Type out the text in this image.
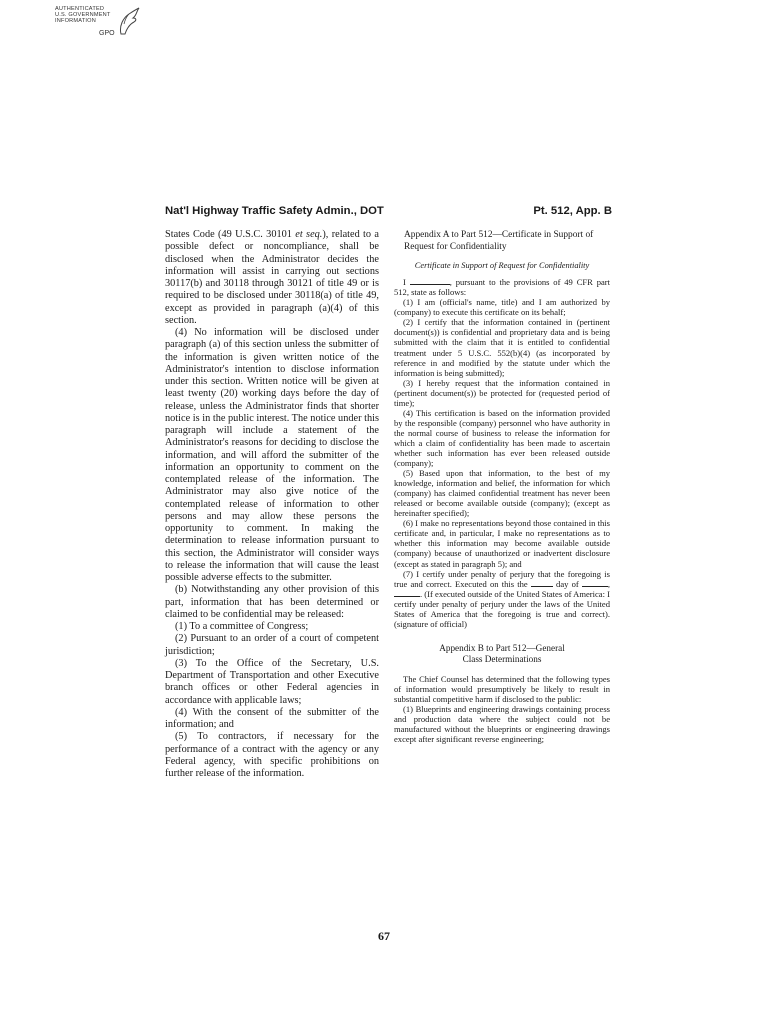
AUTHENTICATED
U.S. GOVERNMENT
INFORMATION
GPO
Nat'l Highway Traffic Safety Admin., DOT	Pt. 512, App. B

States Code (49 U.S.C. 30101 et seq.), related to a possible defect or noncompliance, shall be disclosed when the Administrator decides the information will assist in carrying out sections 30117(b) and 30118 through 30121 of title 49 or is required to be disclosed under 30118(a) of title 49, except as provided in paragraph (a)(4) of this section.

(4) No information will be disclosed under paragraph (a) of this section unless the submitter of the information is given written notice of the Administrator's intention to disclose information under this section. Written notice will be given at least twenty (20) working days before the day of release, unless the Administrator finds that shorter notice is in the public interest. The notice under this paragraph will include a statement of the Administrator's reasons for deciding to disclose the information, and will afford the submitter of the information an opportunity to comment on the contemplated release of the information. The Administrator may also give notice of the contemplated release of information to other persons and may allow these persons the opportunity to comment. In making the determination to release information pursuant to this section, the Administrator will consider ways to release the information that will cause the least possible adverse effects to the submitter.

(b) Notwithstanding any other provision of this part, information that has been determined or claimed to be confidential may be released:

(1) To a committee of Congress;

(2) Pursuant to an order of a court of competent jurisdiction;

(3) To the Office of the Secretary, U.S. Department of Transportation and other Executive branch offices or other Federal agencies in accordance with applicable laws;

(4) With the consent of the submitter of the information; and

(5) To contractors, if necessary for the performance of a contract with the agency or any Federal agency, with specific prohibitions on further release of the information.

Appendix A to Part 512—Certificate in Support of Request for Confidentiality

Certificate in Support of Request for Confidentiality

I	, pursuant to the provisions of 49 CFR part 512, state as follows:

(1) I am (official's name, title) and I am authorized by (company) to execute this certificate on its behalf;

(2) I certify that the information contained in (pertinent document(s)) is confidential and proprietary data and is being submitted with the claim that it is entitled to confidential treatment under 5 U.S.C. 552(b)(4) (as incorporated by reference in and modified by the statute under which the information is being submitted);

(3) I hereby request that the information contained in (pertinent document(s)) be protected for (requested period of time);

(4) This certification is based on the information provided by the responsible (company) personnel who have authority in the normal course of business to release the information for which a claim of confidentiality has been made to ascertain whether such information has ever been released outside (company);

(5) Based upon that information, to the best of my knowledge, information and belief, the information for which (company) has claimed confidential treatment has never been released or become available outside (company); (except as hereinafter specified);

(6) I make no representations beyond those contained in this certificate and, in particular, I make no representations as to whether this information may become available outside (company) because of unauthorized or inadvertent disclosure (except as stated in paragraph 5); and

(7) I certify under penalty of perjury that the foregoing is true and correct. Executed on this the	day of	, . (If executed outside of the United States of America: I certify under penalty of perjury under the laws of the United States of America that the foregoing is true and correct). (signature of official)

Appendix B to Part 512—General
Class Determinations

The Chief Counsel has determined that the following types of information would presumptively be likely to result in substantial competitive harm if disclosed to the public:

(1) Blueprints and engineering drawings containing process and production data where the subject could not be manufactured without the blueprints or engineering drawings except after significant reverse engineering;

67
